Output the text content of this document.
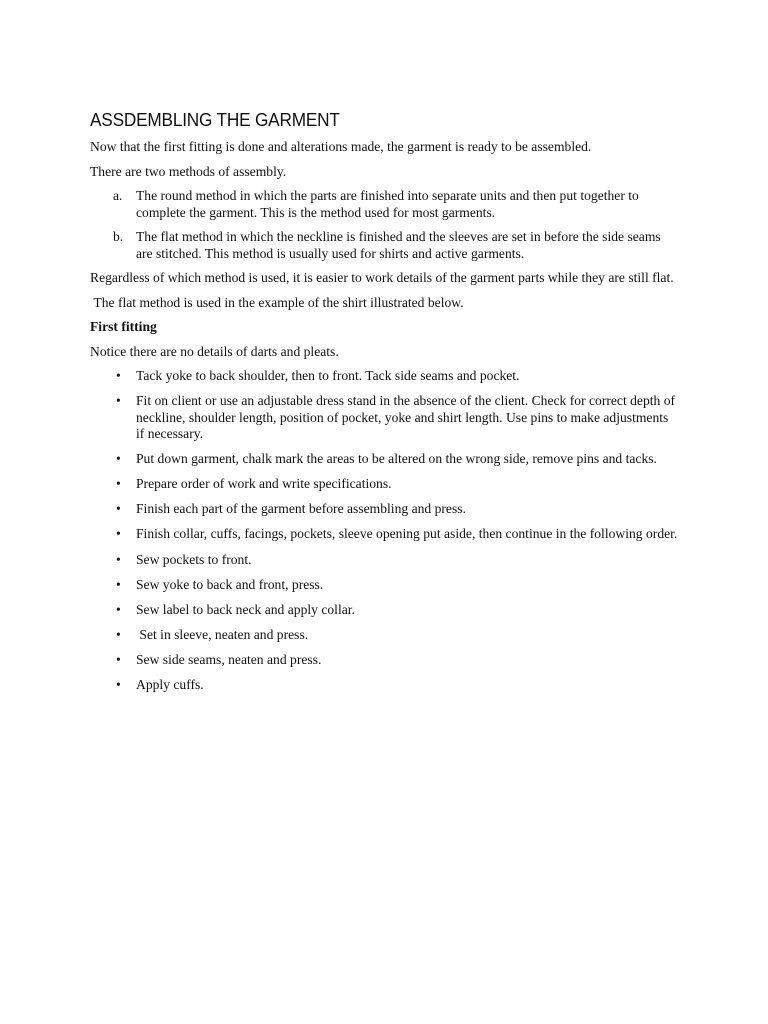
ASSDEMBLING THE GARMENT

Now that the first fitting is done and alterations made, the garment is ready to be assembled.

There are two methods of assembly.

a. The round method in which the parts are finished into separate units and then put together to complete the garment. This is the method used for most garments.
b. The flat method in which the neckline is finished and the sleeves are set in before the side seams are stitched. This method is usually used for shirts and active garments.

Regardless of which method is used, it is easier to work details of the garment parts while they are still flat.

The flat method is used in the example of the shirt illustrated below.

First fitting

Notice there are no details of darts and pleats.

• Tack yoke to back shoulder, then to front. Tack side seams and pocket.
• Fit on client or use an adjustable dress stand in the absence of the client. Check for correct depth of neckline, shoulder length, position of pocket, yoke and shirt length. Use pins to make adjustments if necessary.
• Put down garment, chalk mark the areas to be altered on the wrong side, remove pins and tacks.
• Prepare order of work and write specifications.
• Finish each part of the garment before assembling and press.
• Finish collar, cuffs, facings, pockets, sleeve opening put aside, then continue in the following order.
• Sew pockets to front.
• Sew yoke to back and front, press.
• Sew label to back neck and apply collar.
• Set in sleeve, neaten and press.
• Sew side seams, neaten and press.
• Apply cuffs.
